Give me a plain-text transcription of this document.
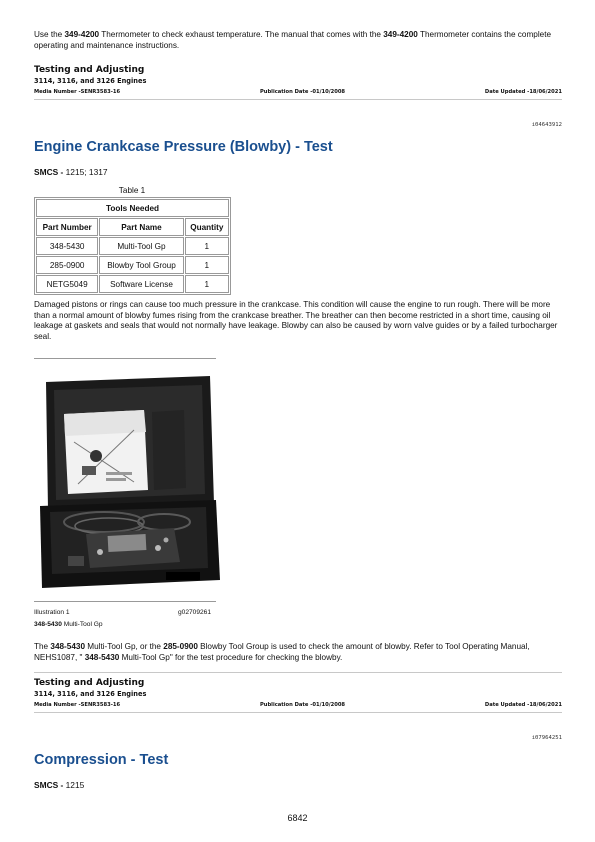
Use the 349-4200 Thermometer to check exhaust temperature. The manual that comes with the 349-4200 Thermometer contains the complete operating and maintenance instructions.
Testing and Adjusting
3114, 3116, and 3126 Engines
Media Number -SENR3583-16	Publication Date -01/10/2008	Date Updated -18/06/2021
i04643912
Engine Crankcase Pressure (Blowby) - Test
SMCS - 1215; 1317
Table 1
Tools Needed		
Part Number	Part Name	Quantity
348-5430	Multi-Tool Gp	1
285-0900	Blowby Tool Group	1
NETG5049	Software License	1
Damaged pistons or rings can cause too much pressure in the crankcase. This condition will cause the engine to run rough. There will be more than a normal amount of blowby fumes rising from the crankcase breather. The breather can then become restricted in a short time, causing oil leakage at gaskets and seals that would not normally have leakage. Blowby can also be caused by worn valve guides or by a failed turbocharger seal.
Illustration 1	g02709261
348-5430 Multi-Tool Gp
The 348-5430 Multi-Tool Gp, or the 285-0900 Blowby Tool Group is used to check the amount of blowby. Refer to Tool Operating Manual, NEHS1087, " 348-5430 Multi-Tool Gp" for the test procedure for checking the blowby.
Testing and Adjusting
3114, 3116, and 3126 Engines
Media Number -SENR3583-16	Publication Date -01/10/2008	Date Updated -18/06/2021
i07964251
Compression - Test
SMCS - 1215
6842
